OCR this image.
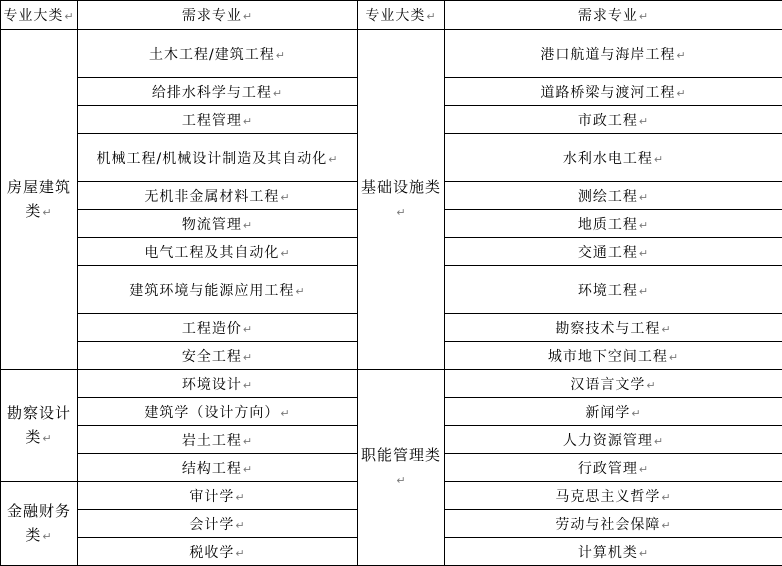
专业大类↵	需求专业↵	专业大类↵	需求专业↵
房屋建筑类↵	土木工程/建筑工程↵	基础设施类↵	港口航道与海岸工程↵
	给排水科学与工程↵		道路桥梁与渡河工程↵
	工程管理↵		市政工程↵
	机械工程/机械设计制造及其自动化↵		水利水电工程↵
	无机非金属材料工程↵		测绘工程↵
	物流管理↵		地质工程↵
	电气工程及其自动化↵		交通工程↵
	建筑环境与能源应用工程↵		环境工程↵
	工程造价↵		勘察技术与工程↵
	安全工程↵		城市地下空间工程↵
勘察设计类↵	环境设计↵	职能管理类↵	汉语言文学↵
	建筑学（设计方向）↵		新闻学↵
	岩土工程↵		人力资源管理↵
	结构工程↵		行政管理↵
金融财务类↵	审计学↵		马克思主义哲学↵
	会计学↵		劳动与社会保障↵
	税收学↵		计算机类↵
